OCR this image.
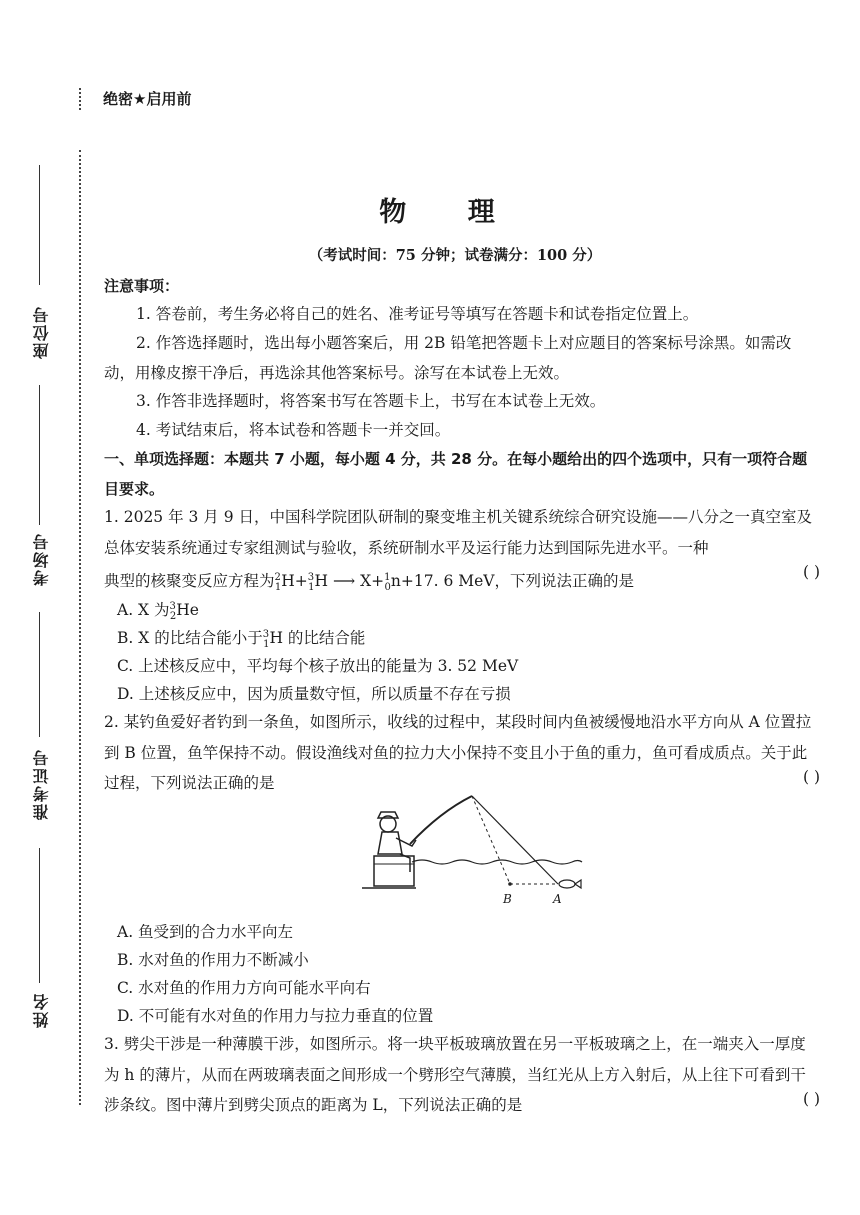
座位号
考场号
准考证号
姓名
绝密★启用前
物 理
（考试时间：75 分钟；试卷满分：100 分）
注意事项：
1. 答卷前，考生务必将自己的姓名、准考证号等填写在答题卡和试卷指定位置上。
2. 作答选择题时，选出每小题答案后，用 2B 铅笔把答题卡上对应题目的答案标号涂黑。如需改动，用橡皮擦干净后，再选涂其他答案标号。涂写在本试卷上无效。
3. 作答非选择题时，将答案书写在答题卡上，书写在本试卷上无效。
4. 考试结束后，将本试卷和答题卡一并交回。
一、单项选择题：本题共 7 小题，每小题 4 分，共 28 分。在每小题给出的四个选项中，只有一项符合题目要求。
1. 2025 年 3 月 9 日，中国科学院团队研制的聚变堆主机关键系统综合研究设施——八分之一真空室及总体安装系统通过专家组测试与验收，系统研制水平及运行能力达到国际先进水平。一种
典型的核聚变反应方程为$^2_1$H+$^3_1$H ⟶ X+$^1_0$n+17. 6 MeV，下列说法正确的是
( )
A. X 为$^3_2$He
B. X 的比结合能小于$^3_1$H 的比结合能
C. 上述核反应中，平均每个核子放出的能量为 3. 52 MeV
D. 上述核反应中，因为质量数守恒，所以质量不存在亏损
2. 某钓鱼爱好者钓到一条鱼，如图所示，收线的过程中，某段时间内鱼被缓慢地沿水平方向从 A 位置拉到 B 位置，鱼竿保持不动。假设渔线对鱼的拉力大小保持不变且小于鱼的重力，鱼可看成质点。关于此过程，下列说法正确的是	( )
B	A
A. 鱼受到的合力水平向左
B. 水对鱼的作用力不断减小
C. 水对鱼的作用力方向可能水平向右
D. 不可能有水对鱼的作用力与拉力垂直的位置
3. 劈尖干涉是一种薄膜干涉，如图所示。将一块平板玻璃放置在另一平板玻璃之上，在一端夹入一厚度为 h 的薄片，从而在两玻璃表面之间形成一个劈形空气薄膜，当红光从上方入射后，从上往下可看到干涉条纹。图中薄片到劈尖顶点的距离为 L，下列说法正确的是	( )
